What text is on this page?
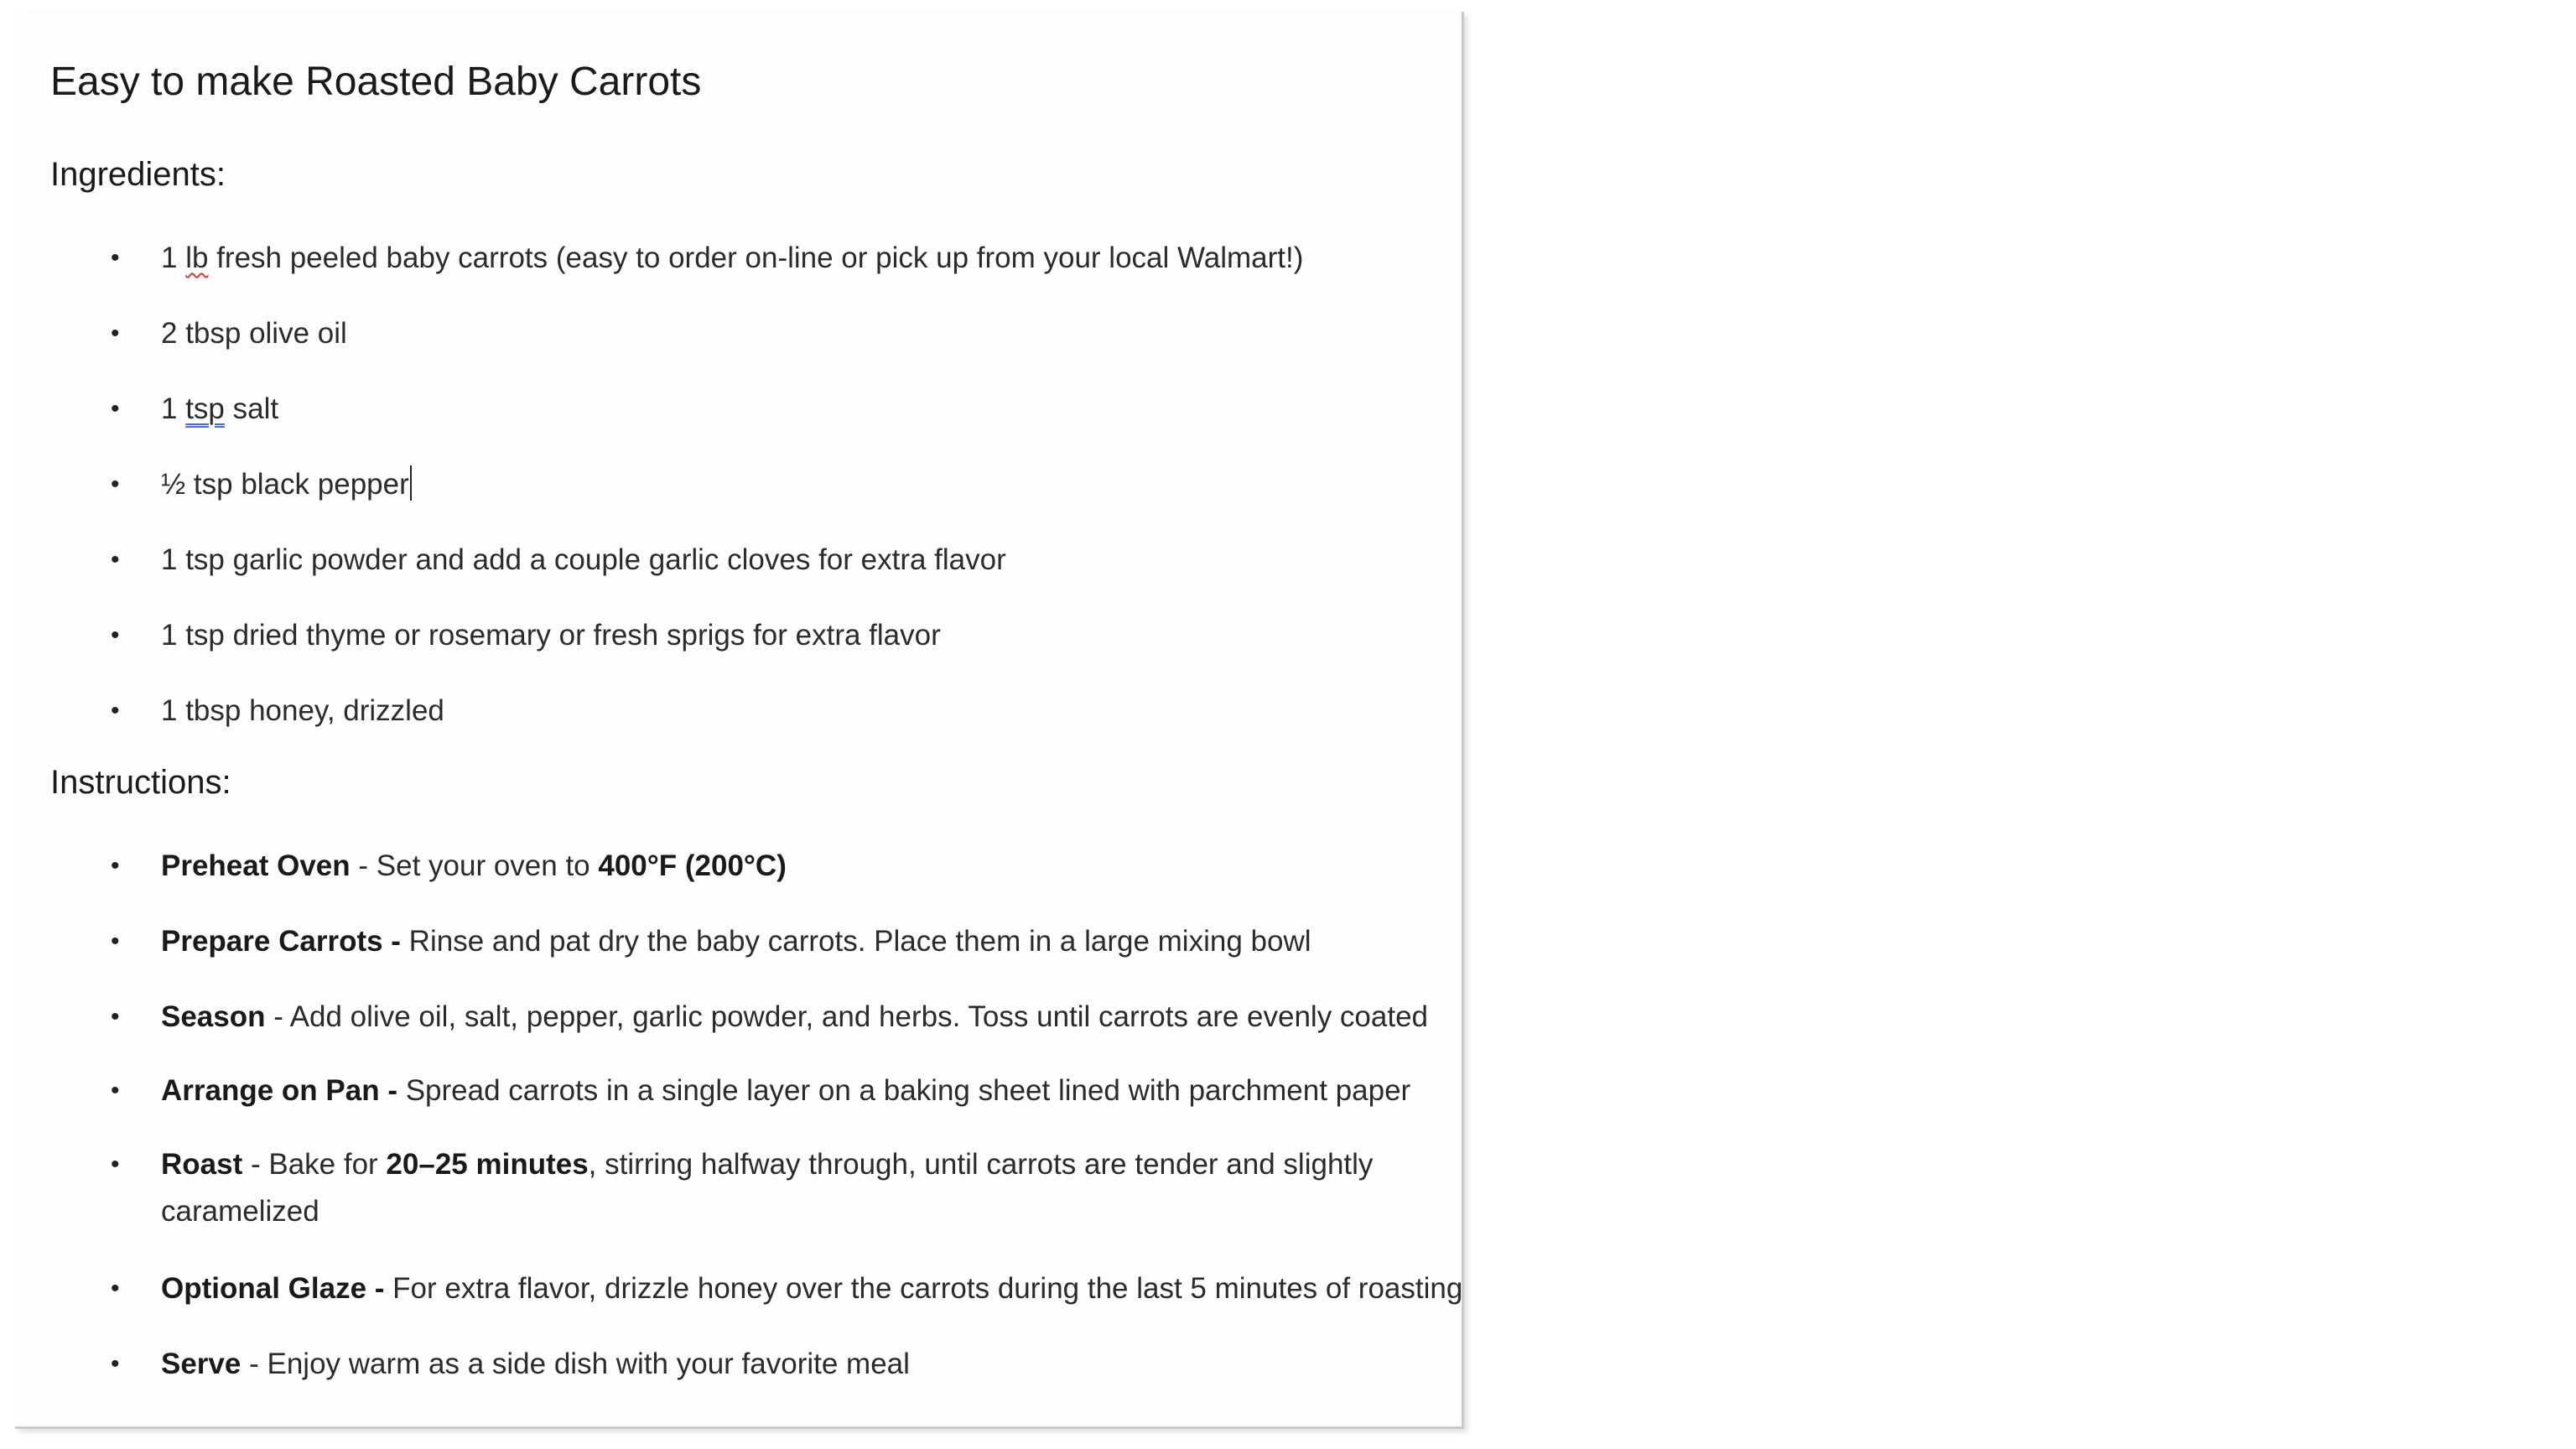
Easy to make Roasted Baby Carrots
Ingredients:
• 1 lb fresh peeled baby carrots (easy to order on-line or pick up from your local Walmart!)
• 2 tbsp olive oil
• 1 tsp salt
• ½ tsp black pepper
• 1 tsp garlic powder and add a couple garlic cloves for extra flavor
• 1 tsp dried thyme or rosemary or fresh sprigs for extra flavor
• 1 tbsp honey, drizzled
Instructions:
• Preheat Oven - Set your oven to 400°F (200°C)
• Prepare Carrots - Rinse and pat dry the baby carrots. Place them in a large mixing bowl
• Season - Add olive oil, salt, pepper, garlic powder, and herbs. Toss until carrots are evenly coated
• Arrange on Pan - Spread carrots in a single layer on a baking sheet lined with parchment paper
• Roast - Bake for 20–25 minutes, stirring halfway through, until carrots are tender and slightly
caramelized
• Optional Glaze - For extra flavor, drizzle honey over the carrots during the last 5 minutes of roasting
• Serve - Enjoy warm as a side dish with your favorite meal
